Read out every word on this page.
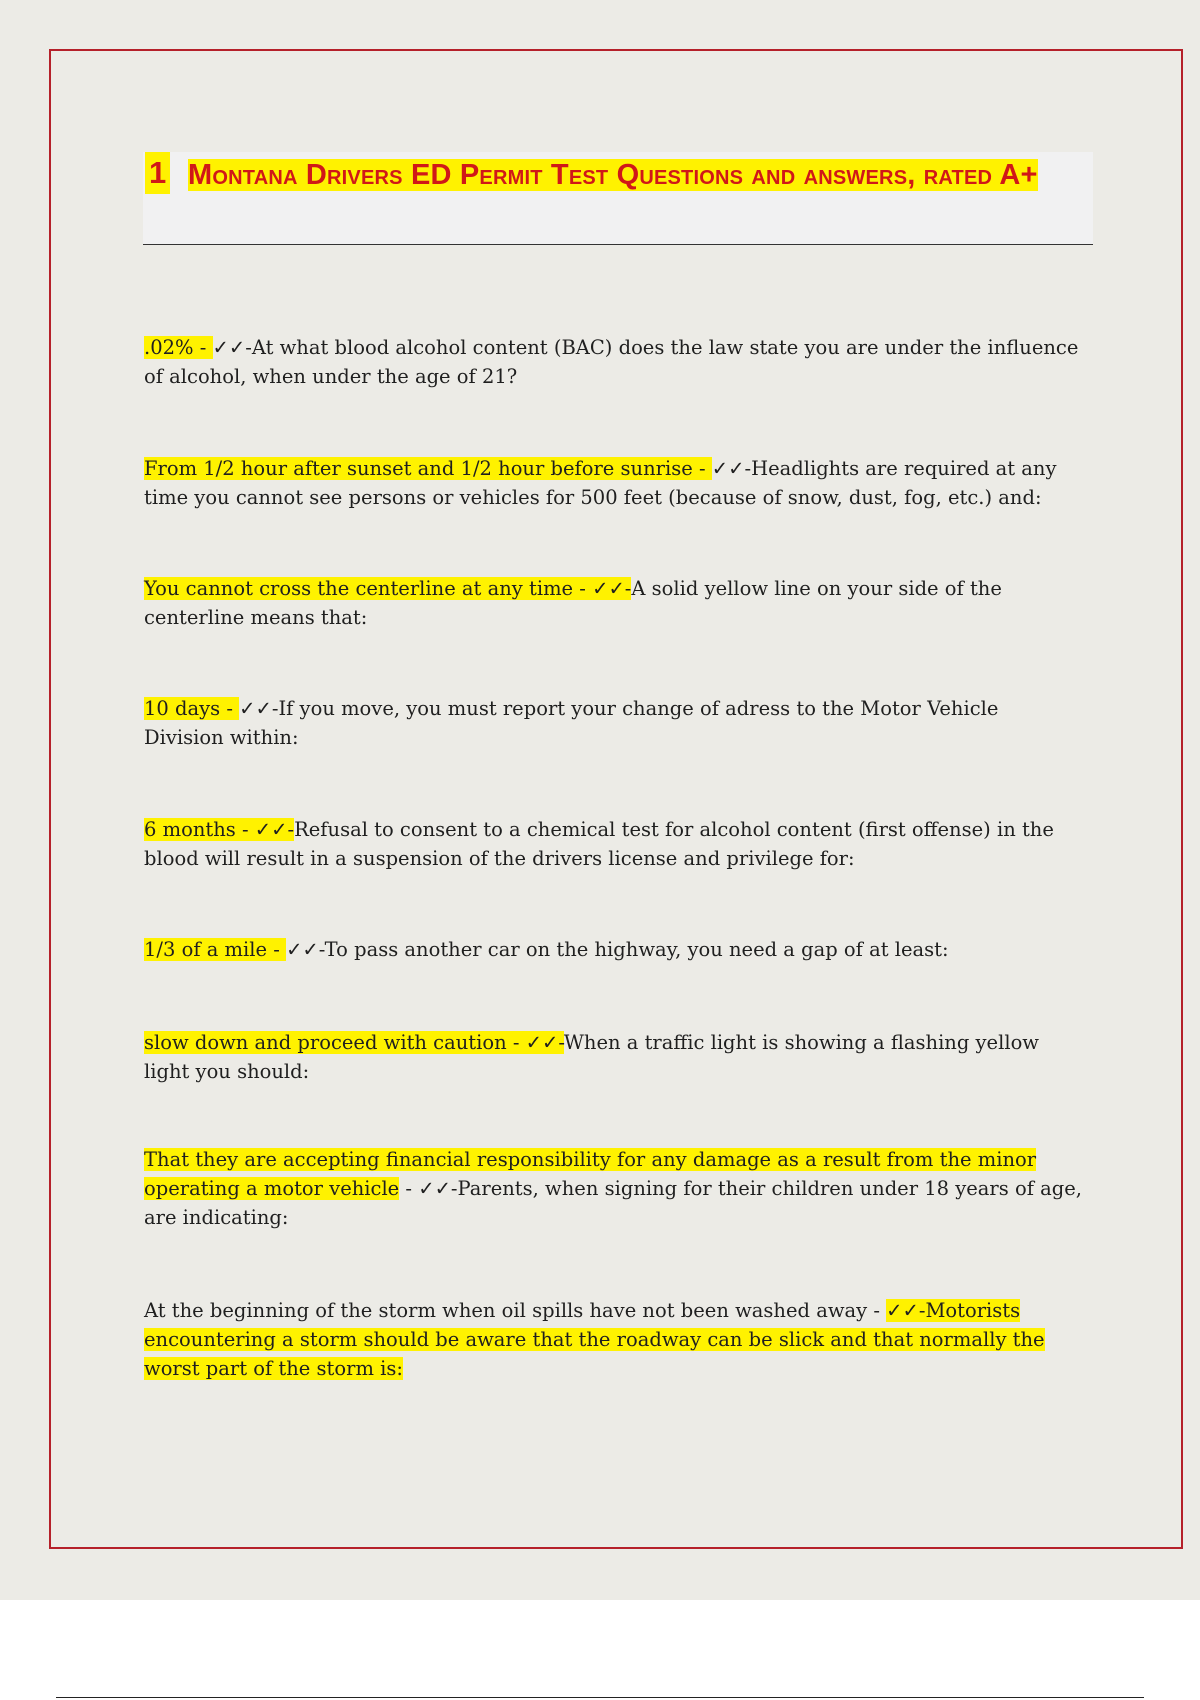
1 Montana Drivers ED Permit Test Questions and answers, rated A+
.02% - ✓✓-At what blood alcohol content (BAC) does the law state you are under the influence of alcohol, when under the age of 21?
From 1/2 hour after sunset and 1/2 hour before sunrise - ✓✓-Headlights are required at any time you cannot see persons or vehicles for 500 feet (because of snow, dust, fog, etc.) and:
You cannot cross the centerline at any time - ✓✓-A solid yellow line on your side of the centerline means that:
10 days - ✓✓-If you move, you must report your change of adress to the Motor Vehicle Division within:
6 months - ✓✓-Refusal to consent to a chemical test for alcohol content (first offense) in the blood will result in a suspension of the drivers license and privilege for:
1/3 of a mile - ✓✓-To pass another car on the highway, you need a gap of at least:
slow down and proceed with caution - ✓✓-When a traffic light is showing a flashing yellow light you should:
That they are accepting financial responsibility for any damage as a result from the minor operating a motor vehicle - ✓✓-Parents, when signing for their children under 18 years of age, are indicating:
At the beginning of the storm when oil spills have not been washed away - ✓✓-Motorists encountering a storm should be aware that the roadway can be slick and that normally the worst part of the storm is:
